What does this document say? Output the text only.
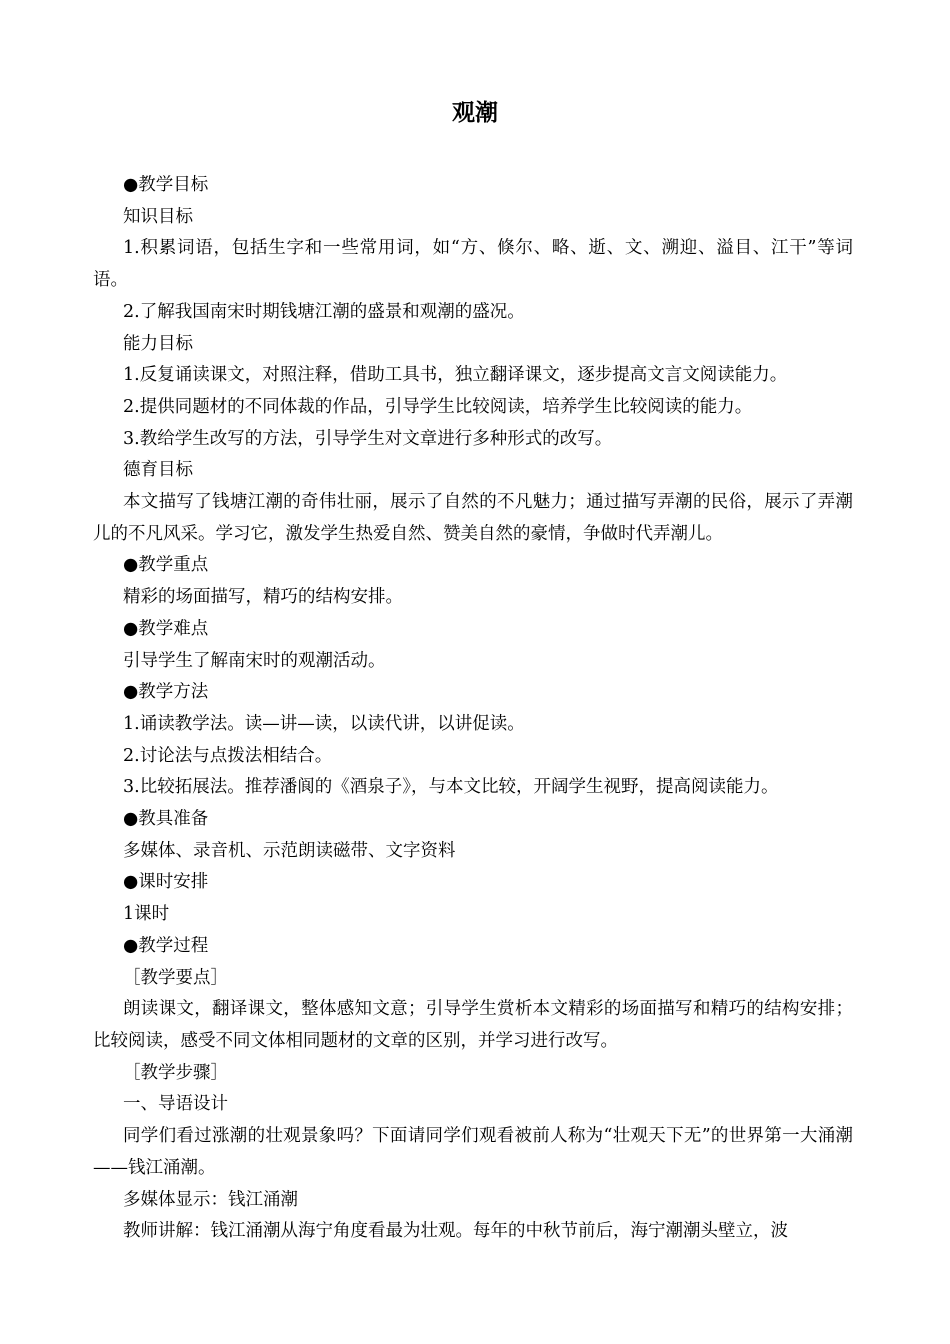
观潮

●教学目标

知识目标

1.积累词语，包括生字和一些常用词，如“方、倏尔、略、逝、文、溯迎、溢目、江干”等词语。

2.了解我国南宋时期钱塘江潮的盛景和观潮的盛况。

能力目标

1.反复诵读课文，对照注释，借助工具书，独立翻译课文，逐步提高文言文阅读能力。

2.提供同题材的不同体裁的作品，引导学生比较阅读，培养学生比较阅读的能力。

3.教给学生改写的方法，引导学生对文章进行多种形式的改写。

德育目标

本文描写了钱塘江潮的奇伟壮丽，展示了自然的不凡魅力；通过描写弄潮的民俗，展示了弄潮儿的不凡风采。学习它，激发学生热爱自然、赞美自然的豪情，争做时代弄潮儿。

●教学重点

精彩的场面描写，精巧的结构安排。

●教学难点

引导学生了解南宋时的观潮活动。

●教学方法

1.诵读教学法。读—讲—读，以读代讲，以讲促读。

2.讨论法与点拨法相结合。

3.比较拓展法。推荐潘阆的《酒泉子》，与本文比较，开阔学生视野，提高阅读能力。

●教具准备

多媒体、录音机、示范朗读磁带、文字资料

●课时安排

1课时

●教学过程

［教学要点］

朗读课文，翻译课文，整体感知文意；引导学生赏析本文精彩的场面描写和精巧的结构安排；比较阅读，感受不同文体相同题材的文章的区别，并学习进行改写。

［教学步骤］

一、导语设计

同学们看过涨潮的壮观景象吗？下面请同学们观看被前人称为“壮观天下无”的世界第一大涌潮——钱江涌潮。

多媒体显示：钱江涌潮

教师讲解：钱江涌潮从海宁角度看最为壮观。每年的中秋节前后，海宁潮潮头壁立，波
